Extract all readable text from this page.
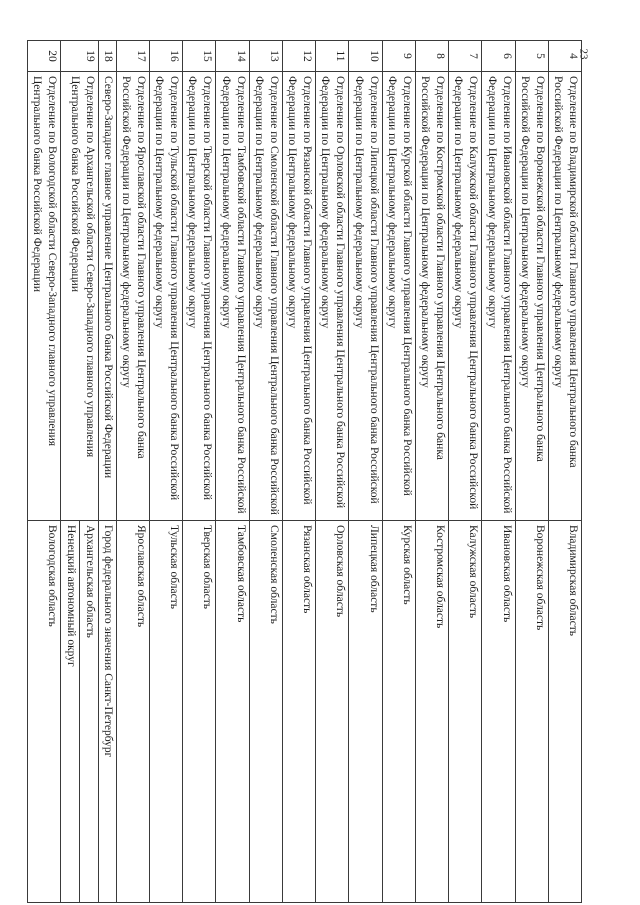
23
4	Отделение по Владимирской области Главного управления Центрального банка Российской Федерации по Центральному федеральному округу	Владимирская область
5	Отделение по Воронежской области Главного управления Центрального банка Российской Федерации по Центральному федеральному округу	Воронежская область
6	Отделение по Ивановской области Главного управления Центрального банка Российской Федерации по Центральному федеральному округу	Ивановская область
7	Отделение по Калужской области Главного управления Центрального банка Российской Федерации по Центральному федеральному округу	Калужская область
8	Отделение по Костромской области Главного управления Центрального банка Российской Федерации по Центральному федеральному округу	Костромская область
9	Отделение по Курской области Главного управления Центрального банка Российской Федерации по Центральному федеральному округу	Курская область
10	Отделение по Липецкой области Главного управления Центрального банка Российской Федерации по Центральному федеральному округу	Липецкая область
11	Отделение по Орловской области Главного управления Центрального банка Российской Федерации по Центральному федеральному округу	Орловская область
12	Отделение по Рязанской области Главного управления Центрального банка Российской Федерации по Центральному федеральному округу	Рязанская область
13	Отделение по Смоленской области Главного управления Центрального банка Российской Федерации по Центральному федеральному округу	Смоленская область
14	Отделение по Тамбовской области Главного управления Центрального банка Российской Федерации по Центральному федеральному округу	Тамбовская область
15	Отделение по Тверской области Главного управления Центрального банка Российской Федерации по Центральному федеральному округу	Тверская область
16	Отделение по Тульской области Главного управления Центрального банка Российской Федерации по Центральному федеральному округу	Тульская область
17	Отделение по Ярославской области Главного управления Центрального банка Российской Федерации по Центральному федеральному округу	Ярославская область
18	Северо-Западное главное управление Центрального банка Российской Федерации	Город федерального значения Санкт-Петербург
19	Отделение по Архангельской области Северо-Западного главного управления Центрального банка Российской Федерации	Архангельская область
Ненецкий автономный округ

20	Отделение по Вологодской области Северо-Западного главного управления Центрального банка Российской Федерации	Вологодская область
